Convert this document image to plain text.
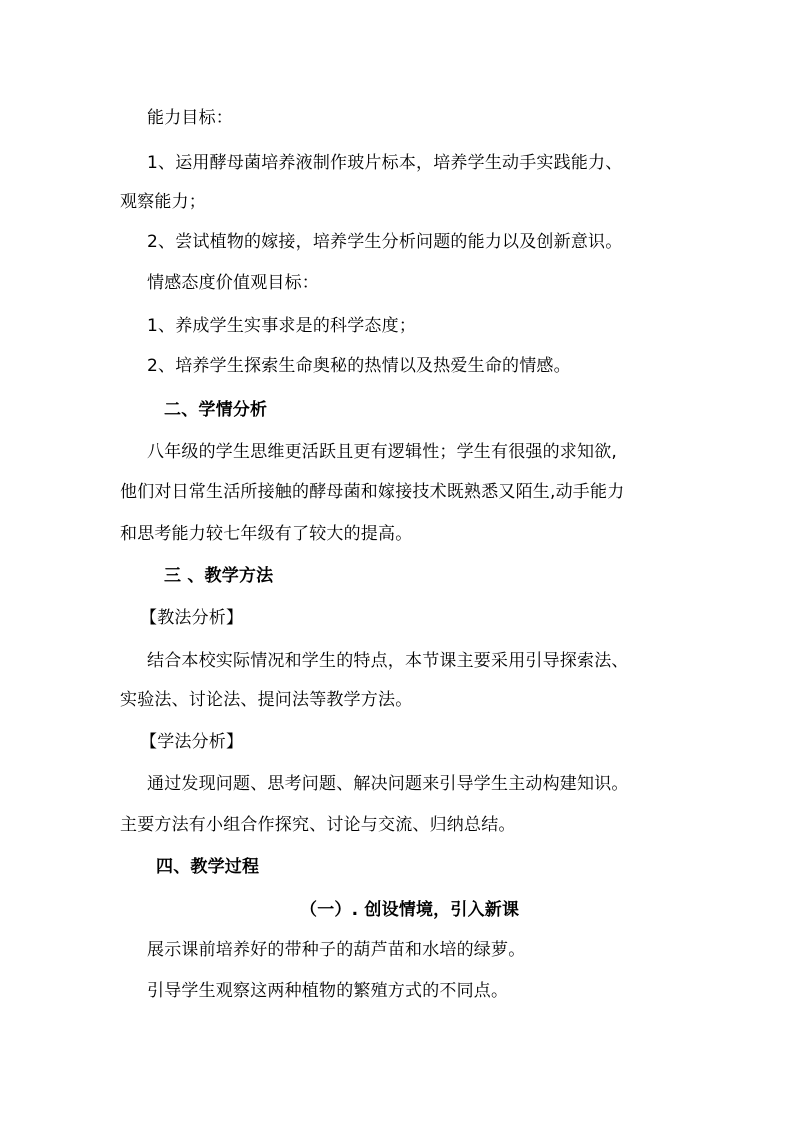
能力目标：
1、运用酵母菌培养液制作玻片标本，培养学生动手实践能力、
观察能力；
2、尝试植物的嫁接，培养学生分析问题的能力以及创新意识。
情感态度价值观目标：
1、养成学生实事求是的科学态度；
2、培养学生探索生命奥秘的热情以及热爱生命的情感。
二、学情分析
八年级的学生思维更活跃且更有逻辑性；学生有很强的求知欲,
他们对日常生活所接触的酵母菌和嫁接技术既熟悉又陌生,动手能力
和思考能力较七年级有了较大的提高。
三 、教学方法
【教法分析】
结合本校实际情况和学生的特点，本节课主要采用引导探索法、
实验法、讨论法、提问法等教学方法。
【学法分析】
通过发现问题、思考问题、解决问题来引导学生主动构建知识。
主要方法有小组合作探究、讨论与交流、归纳总结。
四、教学过程
（一）. 创设情境，引入新课
展示课前培养好的带种子的葫芦苗和水培的绿萝。
引导学生观察这两种植物的繁殖方式的不同点。
